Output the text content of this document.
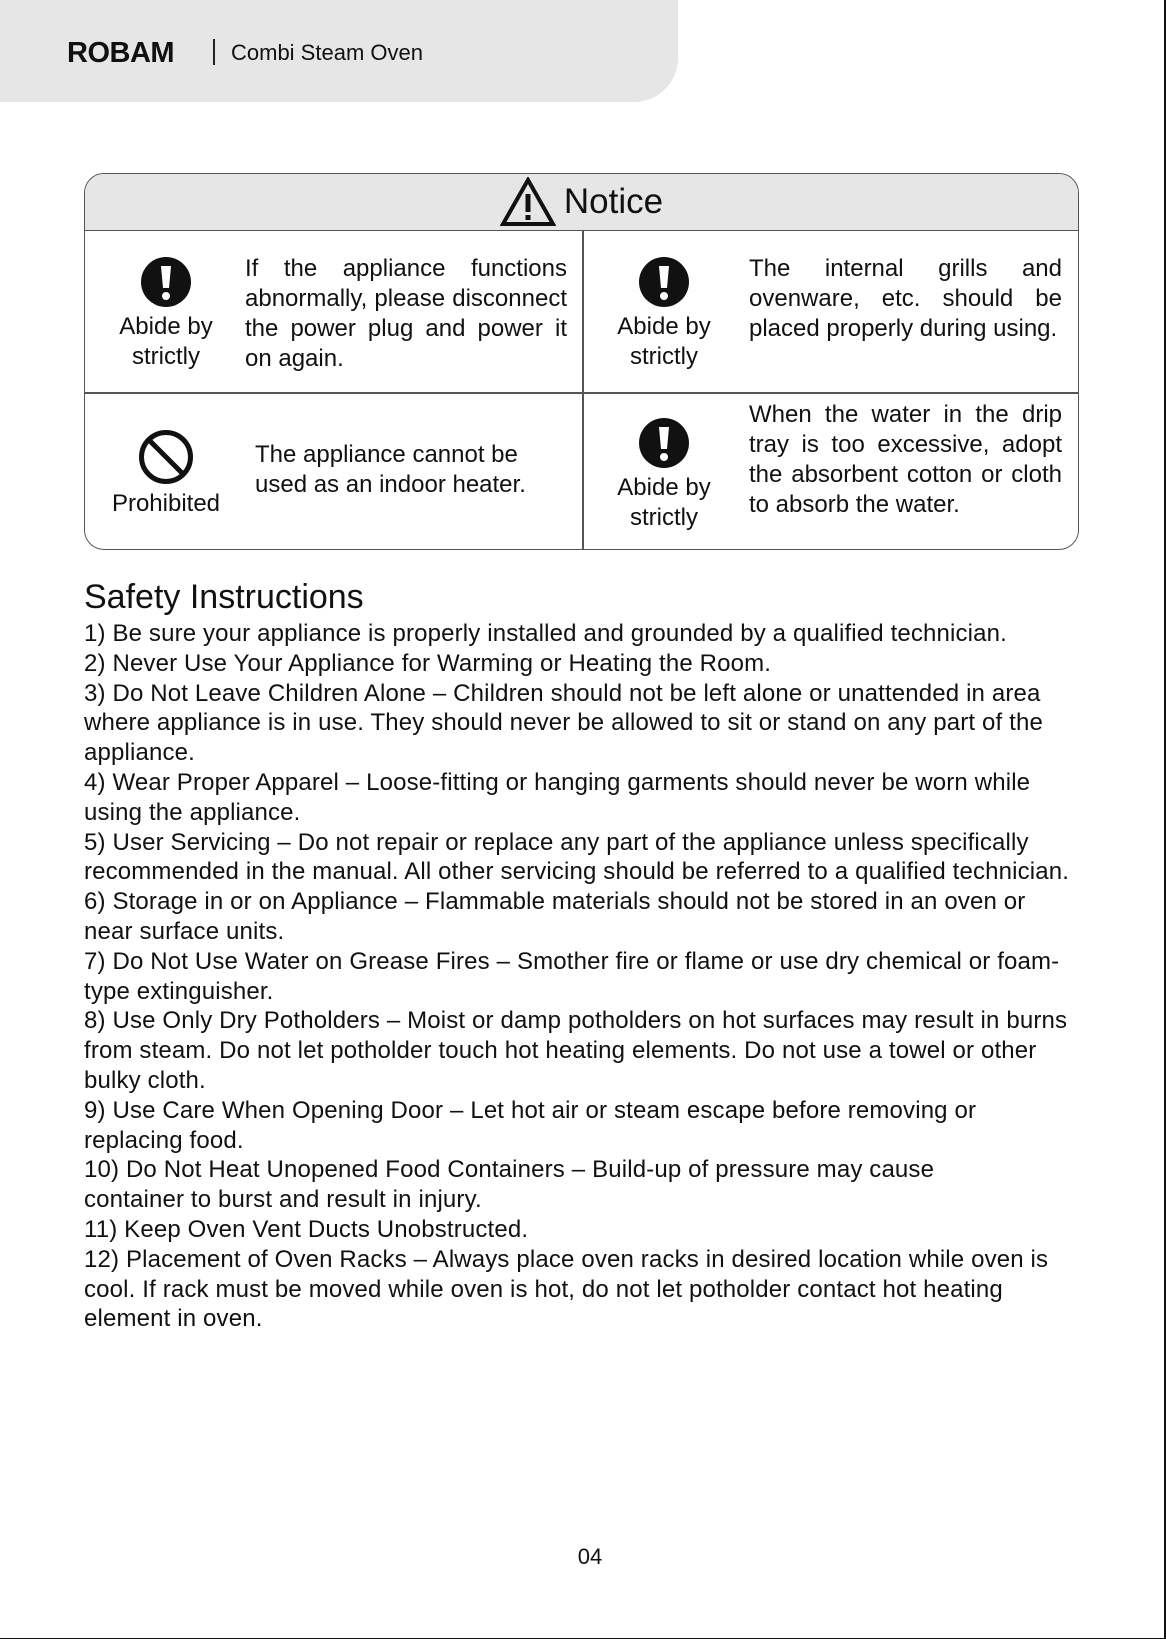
ROBAM	Combi Steam Oven
Notice
Abide by
strictly
If the appliance functions abnormally, please disconnect the power plug and power it on again.
Abide by
strictly
The internal grills and ovenware, etc. should be placed properly during using.
Prohibited
The appliance cannot be used as an indoor heater.	Abide by
strictly
When the water in the drip tray is too excessive, adopt the absorbent cotton or cloth to absorb the water.
Safety Instructions

1) Be sure your appliance is properly installed and grounded by a qualified technician.

2) Never Use Your Appliance for Warming or Heating the Room.

3) Do Not Leave Children Alone – Children should not be left alone or unattended in area where appliance is in use. They should never be allowed to sit or stand on any part of the appliance.

4) Wear Proper Apparel – Loose-fitting or hanging garments should never be worn while using the appliance.

5) User Servicing – Do not repair or replace any part of the appliance unless specifically recommended in the manual. All other servicing should be referred to a qualified technician.

6) Storage in or on Appliance – Flammable materials should not be stored in an oven or near surface units.

7) Do Not Use Water on Grease Fires – Smother fire or flame or use dry chemical or foam-type extinguisher.

8) Use Only Dry Potholders – Moist or damp potholders on hot surfaces may result in burns from steam. Do not let potholder touch hot heating elements. Do not use a towel or other bulky cloth.

9) Use Care When Opening Door – Let hot air or steam escape before removing or

replacing food.

10) Do Not Heat Unopened Food Containers – Build-up of pressure may cause

container to burst and result in injury.

11) Keep Oven Vent Ducts Unobstructed.

12) Placement of Oven Racks – Always place oven racks in desired location while oven is cool. If rack must be moved while oven is hot, do not let potholder contact hot heating element in oven.

04
